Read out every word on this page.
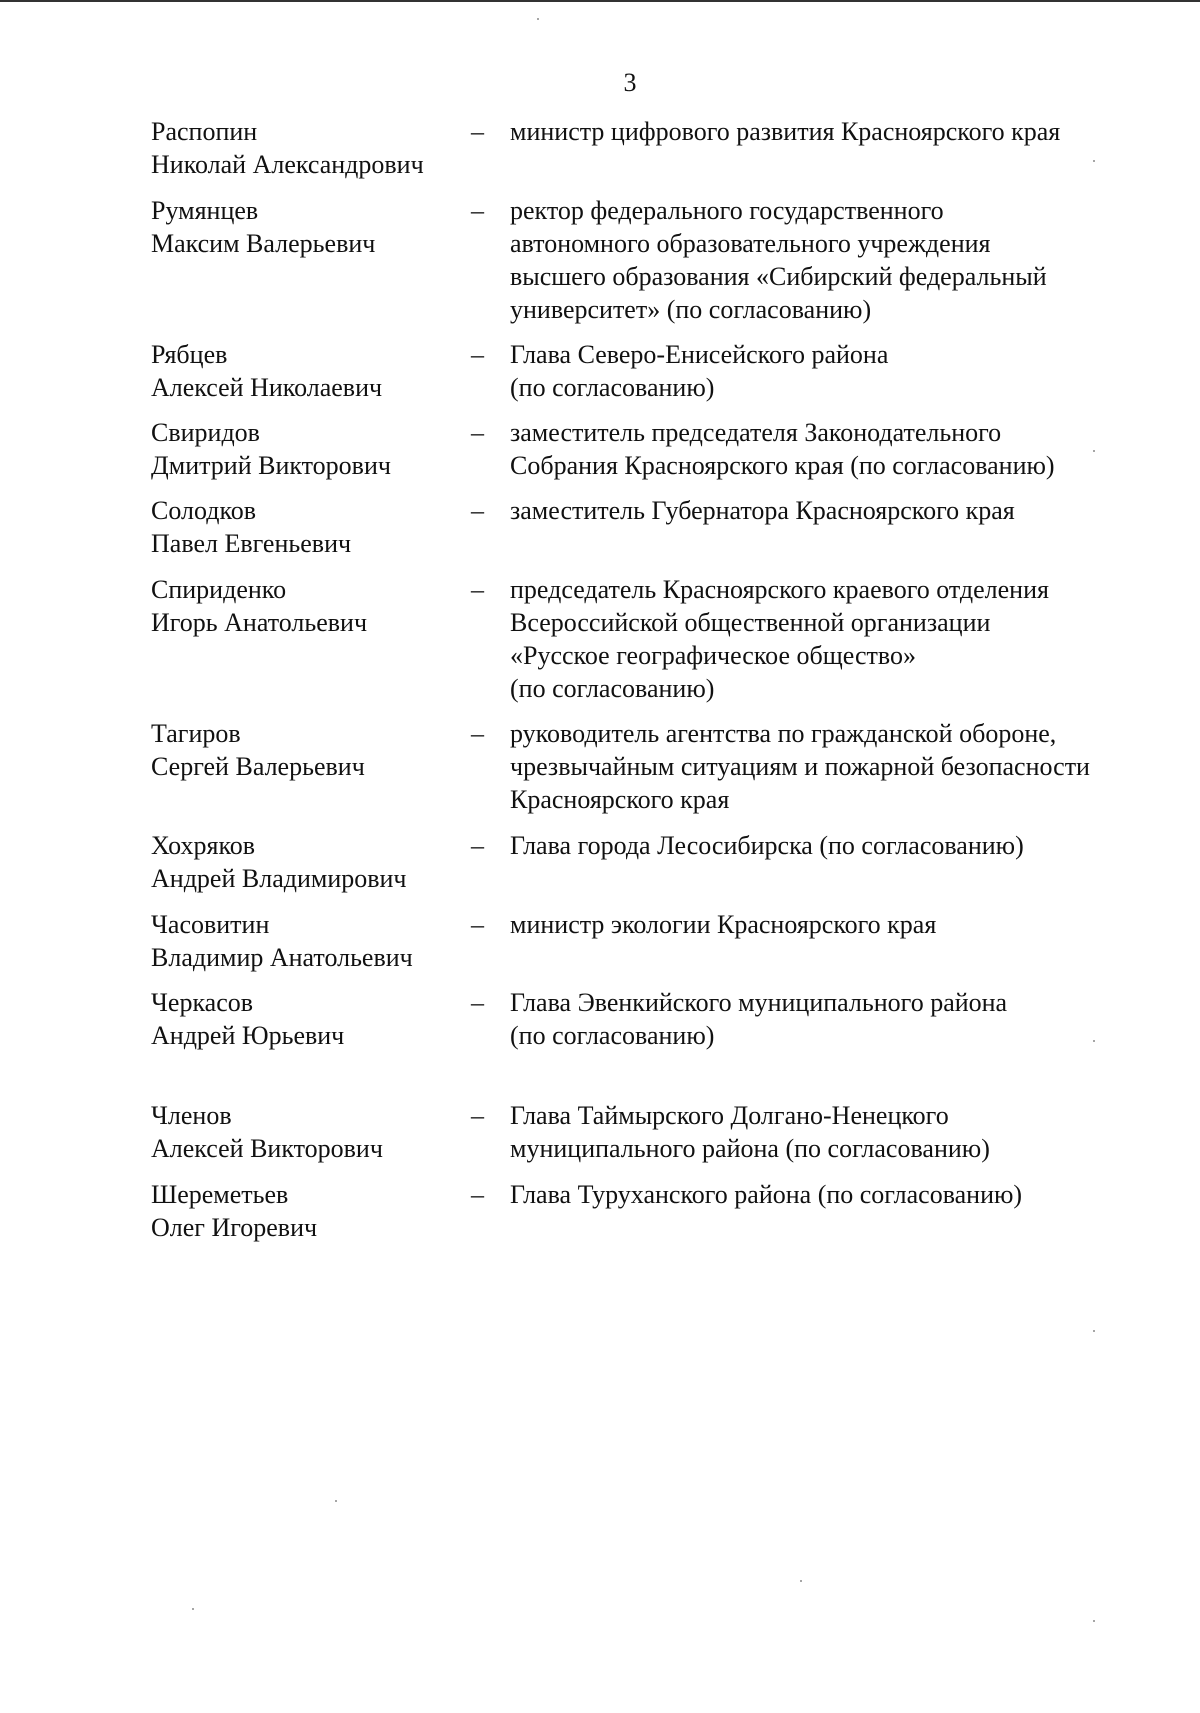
3
Распопин
Николай Александрович
– министр цифрового развития Красноярского края
Румянцев
Максим Валерьевич
– ректор федерального государственного
автономного образовательного учреждения
высшего образования «Сибирский федеральный
университет» (по согласованию)
Рябцев
Алексей Николаевич
– Глава Северо-Енисейского района
(по согласованию)
Свиридов
Дмитрий Викторович
– заместитель председателя Законодательного
Собрания Красноярского края (по согласованию)
Солодков
Павел Евгеньевич
– заместитель Губернатора Красноярского края
Спириденко
Игорь Анатольевич
– председатель Красноярского краевого отделения
Всероссийской общественной организации
«Русское географическое общество»
(по согласованию)
Тагиров
Сергей Валерьевич
– руководитель агентства по гражданской обороне,
чрезвычайным ситуациям и пожарной безопасности
Красноярского края
Хохряков
Андрей Владимирович
– Глава города Лесосибирска (по согласованию)
Часовитин
Владимир Анатольевич
– министр экологии Красноярского края
Черкасов
Андрей Юрьевич
– Глава Эвенкийского муниципального района
(по согласованию)
Членов
Алексей Викторович
– Глава Таймырского Долгано-Ненецкого
муниципального района (по согласованию)
Шереметьев
Олег Игоревич
– Глава Туруханского района (по согласованию)
